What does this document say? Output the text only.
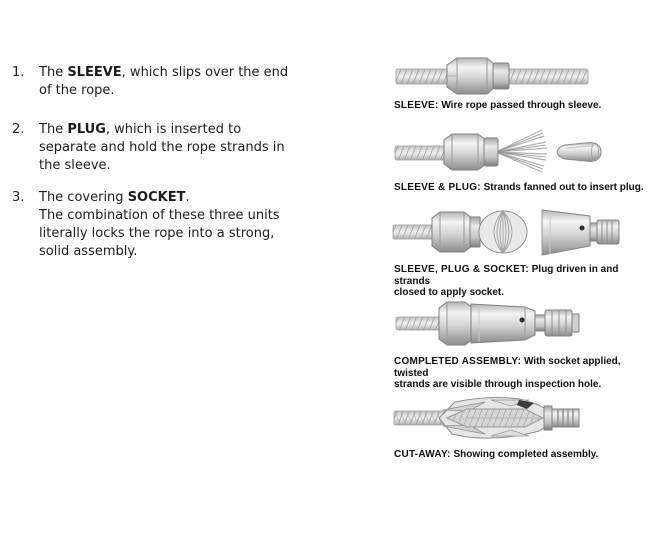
1.	The SLEEVE, which slips over the end
of the rope.
2.	The PLUG, which is inserted to
separate and hold the rope strands in
the sleeve.
3.	The covering SOCKET.
The combination of these three units
literally locks the rope into a strong,
solid assembly.
SLEEVE: Wire rope passed through sleeve.
SLEEVE & PLUG: Strands fanned out to insert plug.
SLEEVE, PLUG & SOCKET: Plug driven in and strands
closed to apply socket.
COMPLETED ASSEMBLY: With socket applied, twisted
strands are visible through inspection hole.
CUT-AWAY: Showing completed assembly.
